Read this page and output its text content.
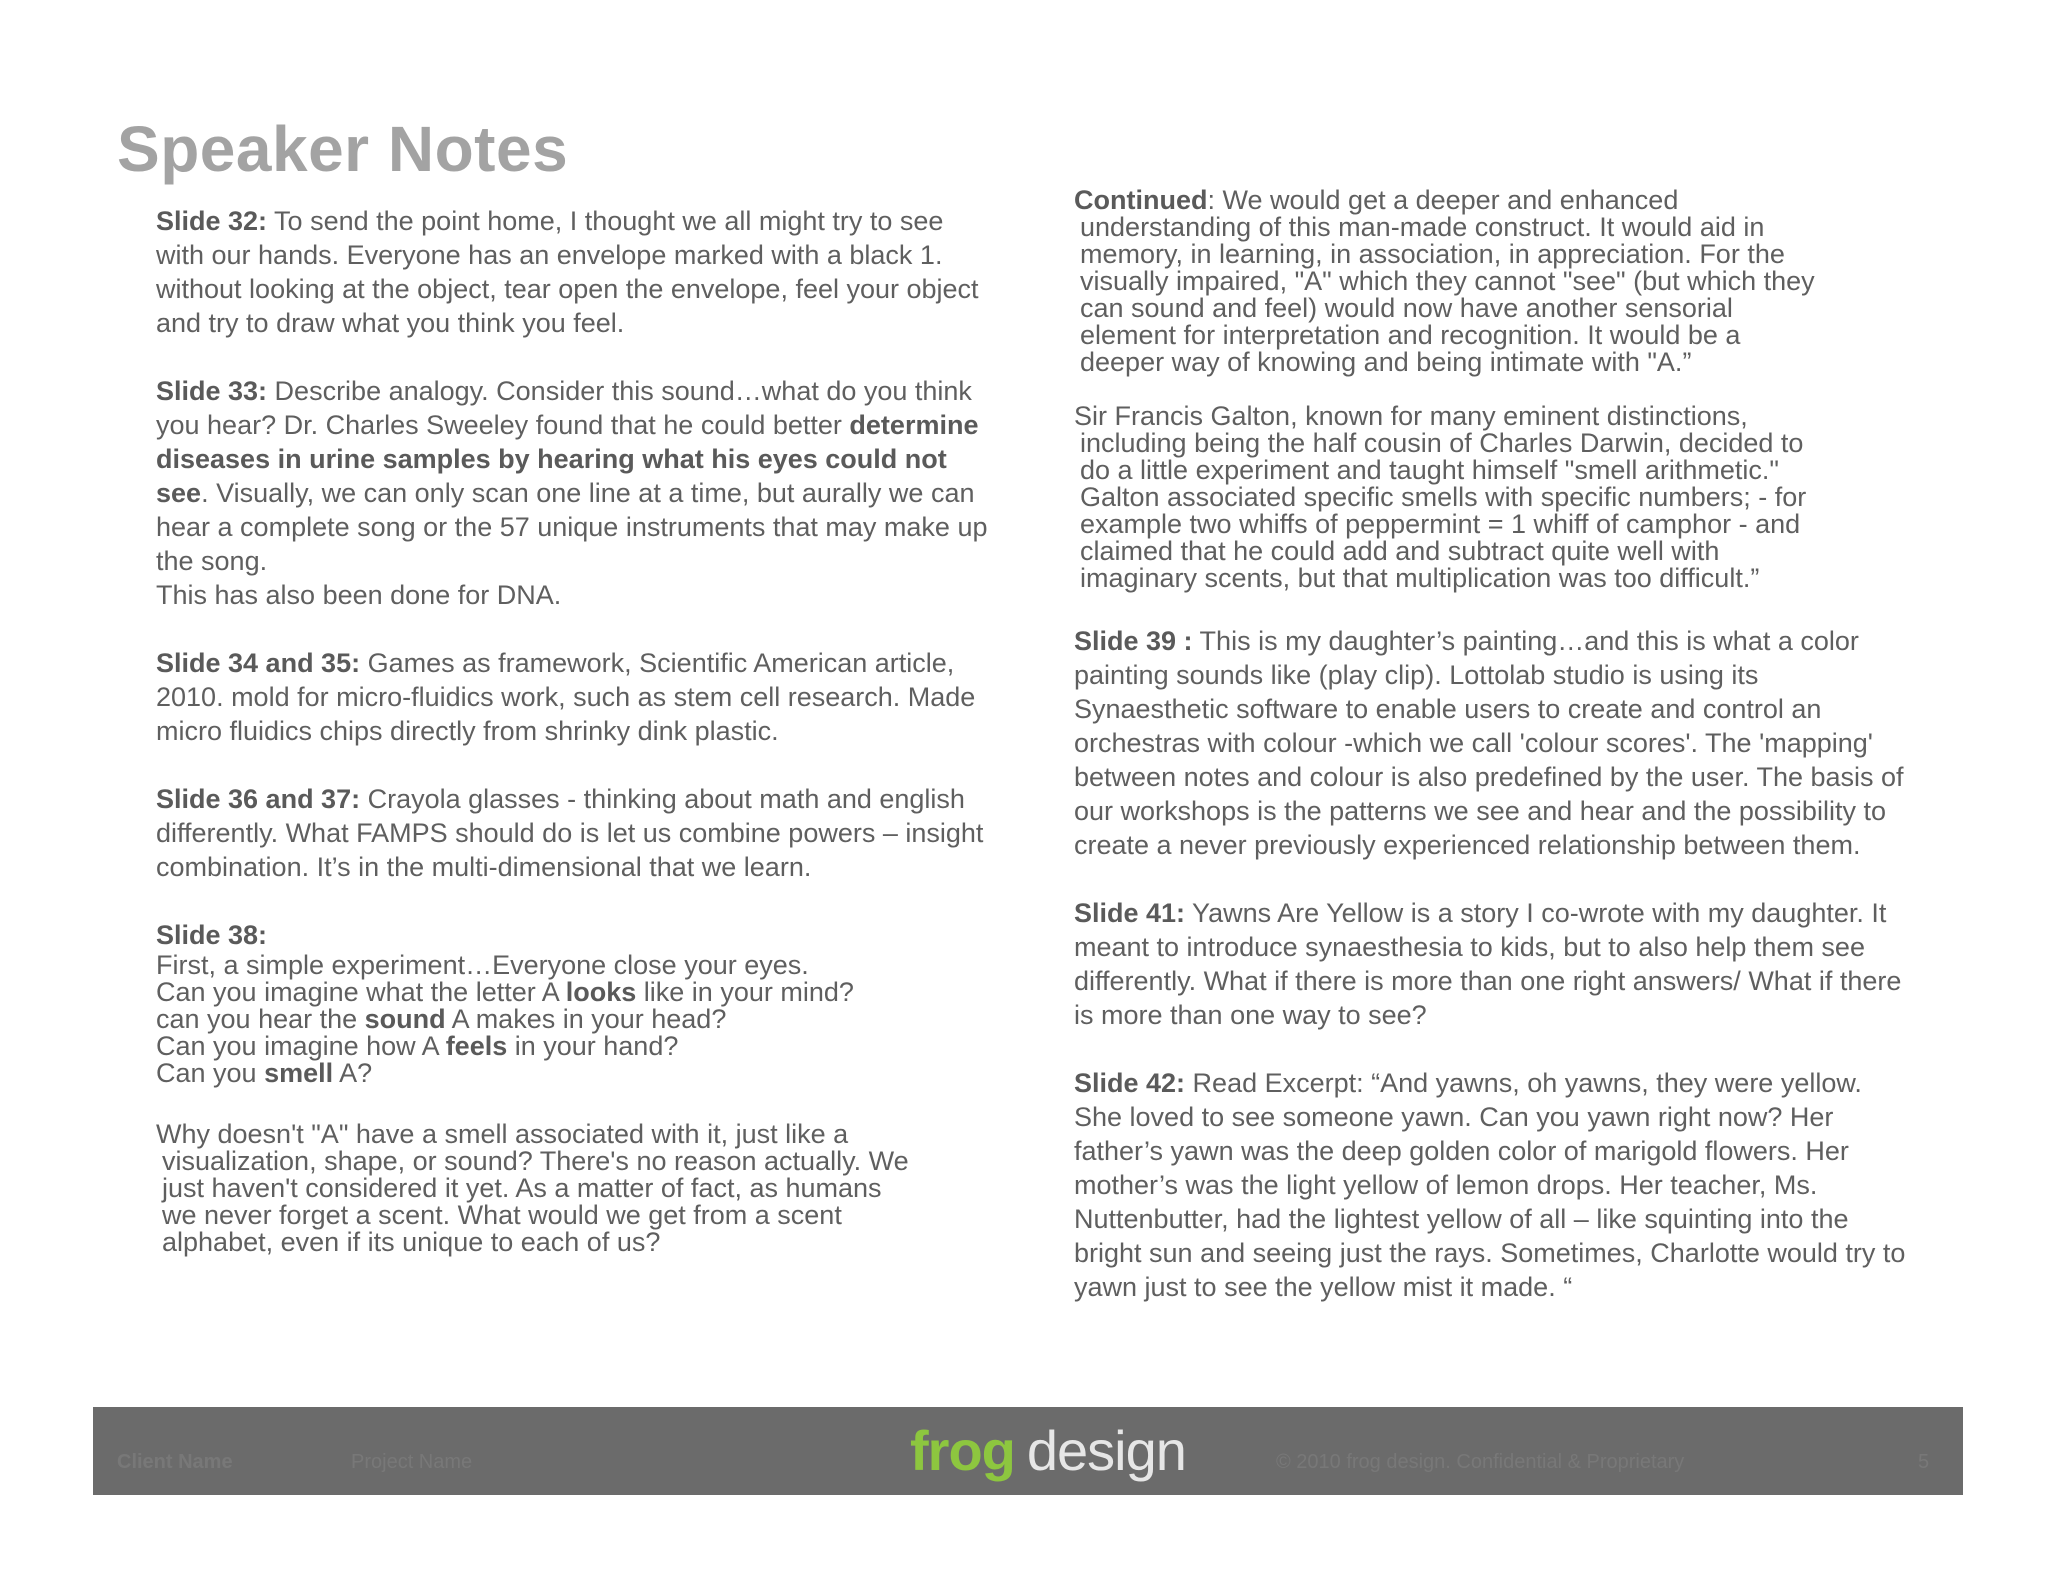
Speaker Notes

Slide 32: To send the point home, I thought we all might try to see with our hands. Everyone has an envelope marked with a black 1. without looking at the object, tear open the envelope, feel your object and try to draw what you think you feel.

Slide 33: Describe analogy. Consider this sound…what do you think you hear? Dr. Charles Sweeley found that he could better determine diseases in urine samples by hearing what his eyes could not see. Visually, we can only scan one line at a time, but aurally we can hear a complete song or the 57 unique instruments that may make up the song.

This has also been done for DNA.

Slide 34 and 35: Games as framework, Scientific American article, 2010. mold for micro-fluidics work, such as stem cell research. Made micro fluidics chips directly from shrinky dink plastic.

Slide 36 and 37: Crayola glasses - thinking about math and english differently. What FAMPS should do is let us combine powers – insight combination. It’s in the multi-dimensional that we learn.

Slide 38:

First, a simple experiment…Everyone close your eyes.
Can you imagine what the letter A looks like in your mind?
can you hear the sound A makes in your head?
Can you imagine how A feels in your hand?
Can you smell A?
Why doesn't "A" have a smell associated with it, just like a
visualization, shape, or sound? There's no reason actually. We
just haven't considered it yet. As a matter of fact, as humans
we never forget a scent. What would we get from a scent
alphabet, even if its unique to each of us?
Continued: We would get a deeper and enhanced
understanding of this man-made construct. It would aid in
memory, in learning, in association, in appreciation. For the
visually impaired, "A" which they cannot "see" (but which they
can sound and feel) would now have another sensorial
element for interpretation and recognition. It would be a
deeper way of knowing and being intimate with "A.”
Sir Francis Galton, known for many eminent distinctions,
including being the half cousin of Charles Darwin, decided to
do a little experiment and taught himself "smell arithmetic."
Galton associated specific smells with specific numbers; - for
example two whiffs of peppermint = 1 whiff of camphor - and
claimed that he could add and subtract quite well with
imaginary scents, but that multiplication was too difficult.”

Slide 39 : This is my daughter’s painting…and this is what a color painting sounds like (play clip). Lottolab studio is using its Synaesthetic software to enable users to create and control an orchestras with colour -which we call 'colour scores'. The 'mapping' between notes and colour is also predefined by the user. The basis of our workshops is the patterns we see and hear and the possibility to create a never previously experienced relationship between them.

Slide 41: Yawns Are Yellow is a story I co-wrote with my daughter. It meant to introduce synaesthesia to kids, but to also help them see differently. What if there is more than one right answers/ What if there is more than one way to see?

Slide 42: Read Excerpt: “And yawns, oh yawns, they were yellow. She loved to see someone yawn. Can you yawn right now? Her father’s yawn was the deep golden color of marigold flowers. Her mother’s was the light yellow of lemon drops. Her teacher, Ms. Nuttenbutter, had the lightest yellow of all – like squinting into the bright sun and seeing just the rays. Sometimes, Charlotte would try to yawn just to see the yellow mist it made. “

Client Name	Project Name	frog design	© 2010 frog design. Confidential & Proprietary	5
